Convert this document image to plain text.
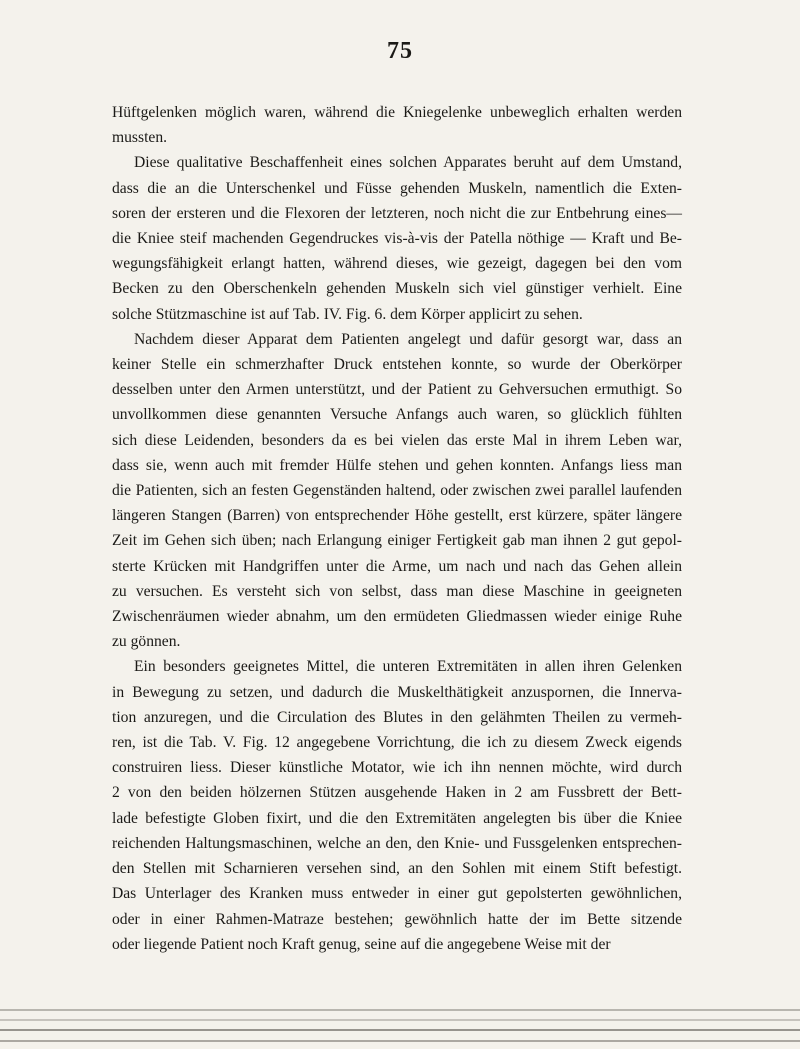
75
Hüftgelenken möglich waren, während die Kniegelenke unbeweglich erhalten werden
mussten.
Diese qualitative Beschaffenheit eines solchen Apparates beruht auf dem Umstand,
dass die an die Unterschenkel und Füsse gehenden Muskeln, namentlich die Exten-
soren der ersteren und die Flexoren der letzteren, noch nicht die zur Entbehrung eines—
die Kniee steif machenden Gegendruckes vis-à-vis der Patella nöthige — Kraft und Be-
wegungsfähigkeit erlangt hatten, während dieses, wie gezeigt, dagegen bei den vom
Becken zu den Oberschenkeln gehenden Muskeln sich viel günstiger verhielt. Eine
solche Stützmaschine ist auf Tab. IV. Fig. 6. dem Körper applicirt zu sehen.
Nachdem dieser Apparat dem Patienten angelegt und dafür gesorgt war, dass an
keiner Stelle ein schmerzhafter Druck entstehen konnte, so wurde der Oberkörper
desselben unter den Armen unterstützt, und der Patient zu Gehversuchen ermuthigt. So
unvollkommen diese genannten Versuche Anfangs auch waren, so glücklich fühlten
sich diese Leidenden, besonders da es bei vielen das erste Mal in ihrem Leben war,
dass sie, wenn auch mit fremder Hülfe stehen und gehen konnten. Anfangs liess man
die Patienten, sich an festen Gegenständen haltend, oder zwischen zwei parallel laufenden
längeren Stangen (Barren) von entsprechender Höhe gestellt, erst kürzere, später längere
Zeit im Gehen sich üben; nach Erlangung einiger Fertigkeit gab man ihnen 2 gut gepol-
sterte Krücken mit Handgriffen unter die Arme, um nach und nach das Gehen allein
zu versuchen. Es versteht sich von selbst, dass man diese Maschine in geeigneten
Zwischenräumen wieder abnahm, um den ermüdeten Gliedmassen wieder einige Ruhe
zu gönnen.
Ein besonders geeignetes Mittel, die unteren Extremitäten in allen ihren Gelenken
in Bewegung zu setzen, und dadurch die Muskelthätigkeit anzuspornen, die Innerva-
tion anzuregen, und die Circulation des Blutes in den gelähmten Theilen zu vermeh-
ren, ist die Tab. V. Fig. 12 angegebene Vorrichtung, die ich zu diesem Zweck eigends
construiren liess. Dieser künstliche Motator, wie ich ihn nennen möchte, wird durch
2 von den beiden hölzernen Stützen ausgehende Haken in 2 am Fussbrett der Bett-
lade befestigte Globen fixirt, und die den Extremitäten angelegten bis über die Kniee
reichenden Haltungsmaschinen, welche an den, den Knie- und Fussgelenken entsprechen-
den Stellen mit Scharnieren versehen sind, an den Sohlen mit einem Stift befestigt.
Das Unterlager des Kranken muss entweder in einer gut gepolsterten gewöhnlichen,
oder in einer Rahmen-Matraze bestehen; gewöhnlich hatte der im Bette sitzende
oder liegende Patient noch Kraft genug, seine auf die angegebene Weise mit der
